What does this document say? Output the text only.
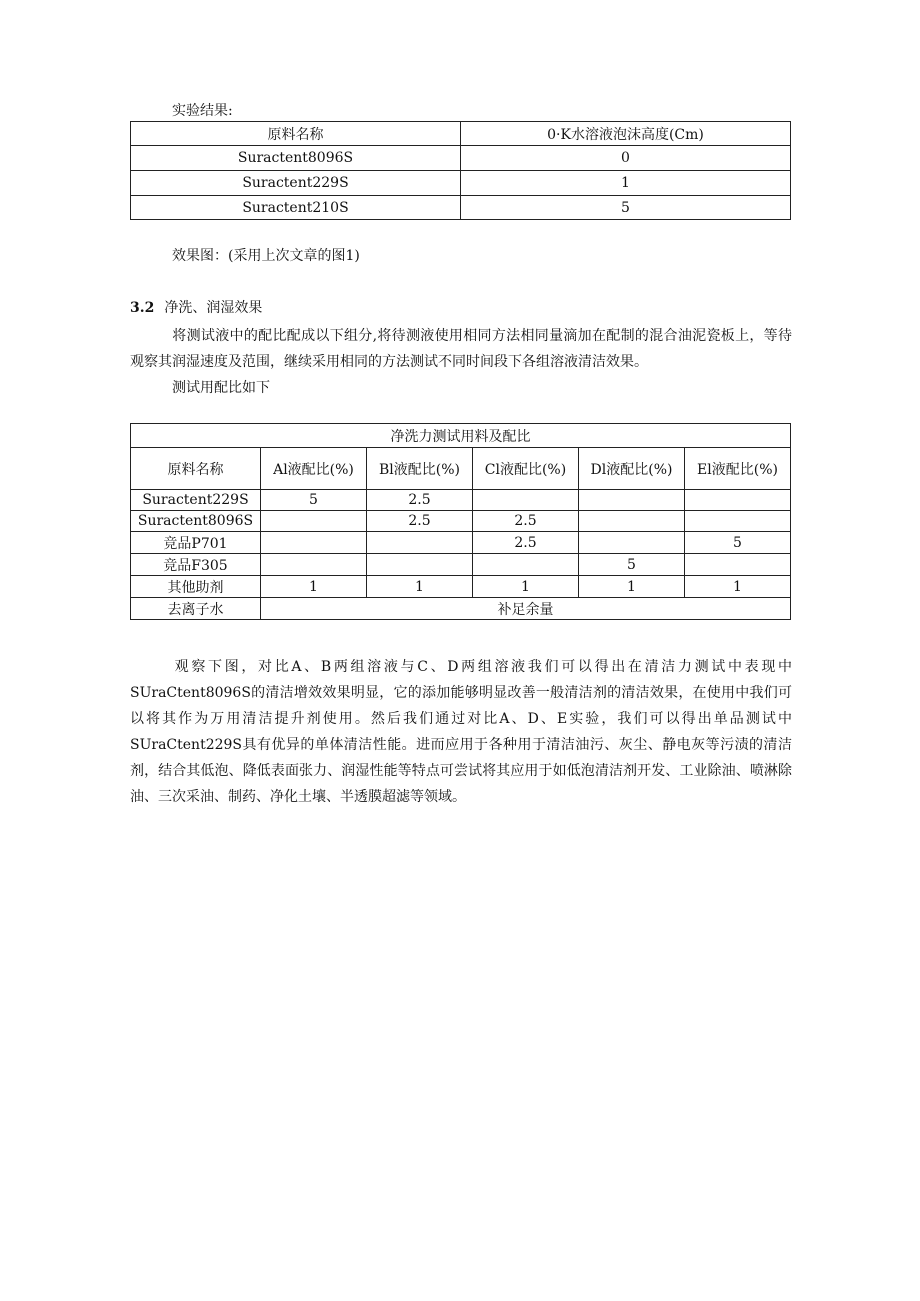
实验结果:
原料名称	0·K水溶液泡沫高度(Cm)
Suractent8096S	0
Suractent229S	1
Suractent210S	5
效果图：(采用上次文章的图1)
3.2 净洗、润湿效果
将测试液中的配比配成以下组分,将待测液使用相同方法相同量滴加在配制的混合油泥瓷板上，等待观察其润湿速度及范围，继续采用相同的方法测试不同时间段下各组溶液清洁效果。
测试用配比如下
净洗力测试用料及配比					
原料名称	Al液配比(%)	Bl液配比(%)	Cl液配比(%)	Dl液配比(%)	El液配比(%)
Suractent229S	5	2.5			
Suractent8096S		2.5	2.5		
竞品P701			2.5		5
竞品F305				5	
其他助剂	1	1	1	1	1
去离子水	补足余量				
观察下图，对比A、B两组溶液与C、D两组溶液我们可以得出在清洁力测试中表现中SUraCtent8096S的清洁增效效果明显，它的添加能够明显改善一般清洁剂的清洁效果，在使用中我们可以将其作为万用清洁提升剂使用。然后我们通过对比A、D、E实验，我们可以得出单品测试中SUraCtent229S具有优异的单体清洁性能。进而应用于各种用于清洁油污、灰尘、静电灰等污渍的清洁剂，结合其低泡、降低表面张力、润湿性能等特点可尝试将其应用于如低泡清洁剂开发、工业除油、喷淋除油、三次采油、制药、净化土壤、半透膜超滤等领域。
